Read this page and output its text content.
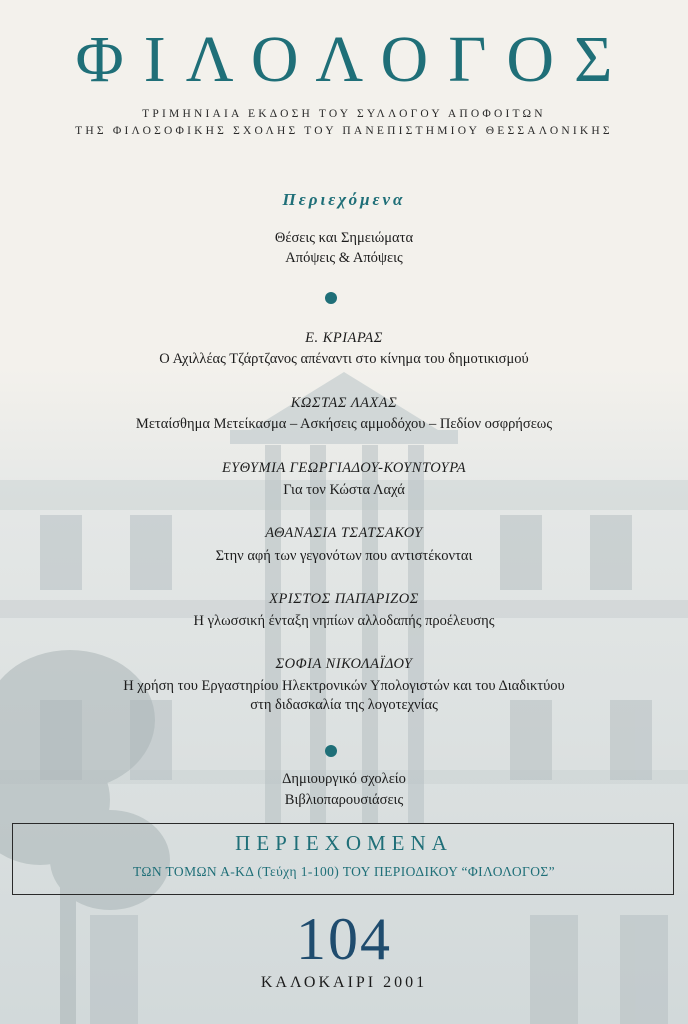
ΦΙΛΟΛΟΓΟΣ
ΤΡΙΜΗΝΙΑΙΑ ΕΚΔΟΣΗ ΤΟΥ ΣΥΛΛΟΓΟΥ ΑΠΟΦΟΙΤΩΝ
ΤΗΣ ΦΙΛΟΣΟΦΙΚΗΣ ΣΧΟΛΗΣ ΤΟΥ ΠΑΝΕΠΙΣΤΗΜΙΟΥ ΘΕΣΣΑΛΟΝΙΚΗΣ
Περιεχόμενα
Θέσεις και Σημειώματα
Απόψεις & Απόψεις
Ε. ΚΡΙΑΡΑΣ
Ο Αχιλλέας Τζάρτζανος απέναντι στο κίνημα του δημοτικισμού
ΚΩΣΤΑΣ ΛΑΧΑΣ
Μεταίσθημα Μετείκασμα – Ασκήσεις αμμοδόχου – Πεδίον οσφρήσεως
ΕΥΘΥΜΙΑ ΓΕΩΡΓΙΑΔΟΥ-ΚΟΥΝΤΟΥΡΑ
Για τον Κώστα Λαχά
ΑΘΑΝΑΣΙΑ ΤΣΑΤΣΑΚΟΥ
Στην αφή των γεγονότων που αντιστέκονται
ΧΡΙΣΤΟΣ ΠΑΠΑΡΙΖΟΣ
Η γλωσσική ένταξη νηπίων αλλοδαπής προέλευσης
ΣΟΦΙΑ ΝΙΚΟΛΑΪΔΟΥ
Η χρήση του Εργαστηρίου Ηλεκτρονικών Υπολογιστών και του Διαδικτύου
στη διδασκαλία της λογοτεχνίας
Δημιουργικό σχολείο
Βιβλιοπαρουσιάσεις
ΠΕΡΙΕΧΟΜΕΝΑ
ΤΩΝ ΤΟΜΩΝ Α-ΚΔ (Τεύχη 1-100) ΤΟΥ ΠΕΡΙΟΔΙΚΟΥ “ΦΙΛΟΛΟΓΟΣ”
104
ΚΑΛΟΚΑΙΡΙ 2001
